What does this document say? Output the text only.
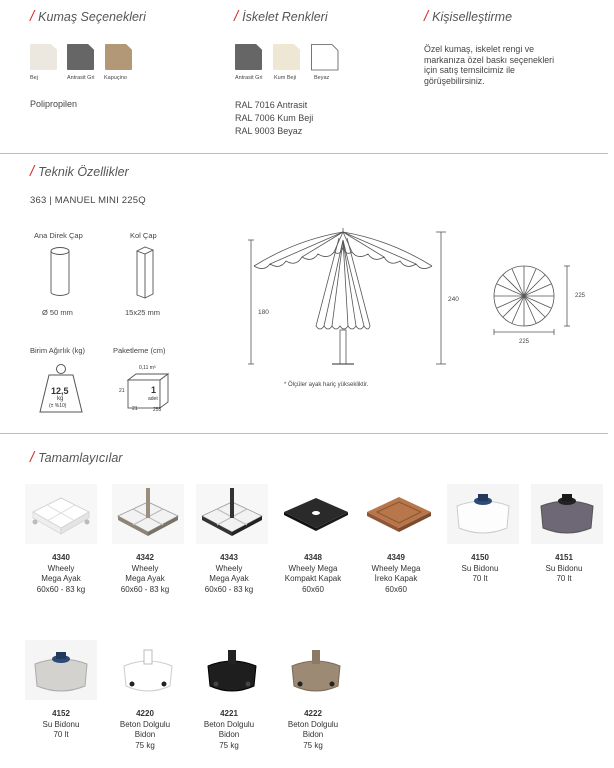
/ Kumaş Seçenekleri
Bej	Antrasit Gri Kapuçino
Polipropilen
/ İskelet Renkleri
Antrasit Gri Kum Beji	Beyaz
RAL 7016 Antrasit
RAL 7006 Kum Beji
RAL 9003 Beyaz
/ Kişiselleştirme
Özel kumaş, iskelet rengi ve
markanıza özel baskı seçenekleri
için satış temsilcimiz ile
görüşebilirsiniz.
/ Teknik Özellikler
363 | MANUEL MINI 225Q
Ana Direk Çap
Ø 50 mm
Kol Çap
15x25 mm
Birim Ağırlık (kg)
12,5
kg
(± %10)
Paketleme (cm)
0,11 m³
1
adet
21
21	255
180
240
* Ölçüler ayak hariç yüksekliktir.
225
225
/ Tamamlayıcılar
4340
Wheely
Mega Ayak
60x60 - 83 kg
4342
Wheely
Mega Ayak
60x60 - 83 kg
4343
Wheely
Mega Ayak
60x60 - 83 kg
4348
Wheely Mega
Kompakt Kapak
60x60
4349
Wheely Mega
İreko Kapak
60x60
4150
Su Bidonu
70 lt
4151
Su Bidonu
70 lt
4152
Su Bidonu
70 lt
4220
Beton Dolgulu
Bidon
75 kg
4221
Beton Dolgulu
Bidon
75 kg
4222
Beton Dolgulu
Bidon
75 kg
